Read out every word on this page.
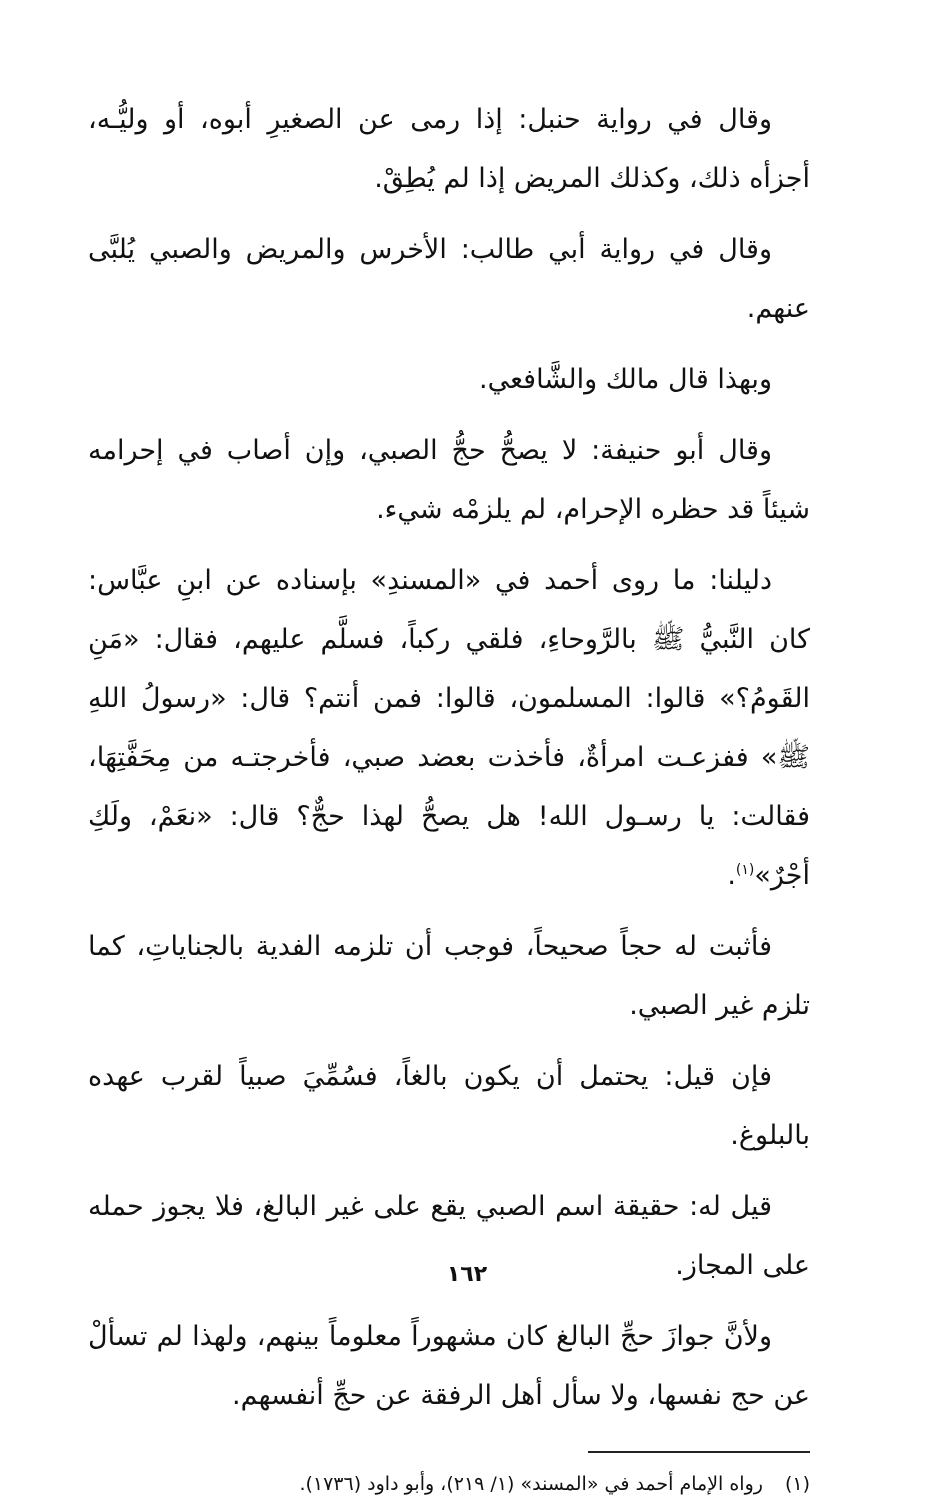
وقال في رواية حنبل: إذا رمى عن الصغيرِ أبوه، أو وليُّـه، أجزأه ذلك، وكذلك المريض إذا لم يُطِقْ.

وقال في رواية أبي طالب: الأخرس والمريض والصبي يُلبَّى عنهم.

وبهذا قال مالك والشَّافعي.

وقال أبو حنيفة: لا يصحُّ حجُّ الصبي، وإن أصاب في إحرامه شيئاً قد حظره الإحرام، لم يلزمْه شيء.

دليلنا: ما روى أحمد في «المسندِ» بإسناده عن ابنِ عبَّاس: كان النَّبيُّ ﷺ بالرَّوحاءِ، فلقي ركباً، فسلَّم عليهم، فقال: «مَنِ القَومُ؟» قالوا: المسلمون، قالوا: فمن أنتم؟ قال: «رسولُ اللهِ ﷺ» ففزعـت امرأةٌ، فأخذت بعضد صبي، فأخرجتـه من مِحَفَّتِهَا، فقالت: يا رسـول الله! هل يصحُّ لهذا حجٌّ؟ قال: «نعَمْ، ولَكِ أجْرٌ»$^{(١)}$.

فأثبت له حجاً صحيحاً، فوجب أن تلزمه الفدية بالجناياتِ، كما تلزم غير الصبي.

فإن قيل: يحتمل أن يكون بالغاً، فسُمِّيَ صبياً لقرب عهده بالبلوغ.

قيل له: حقيقة اسم الصبي يقع على غير البالغ، فلا يجوز حمله على المجاز.

ولأنَّ جوازَ حجِّ البالغ كان مشهوراً معلوماً بينهم، ولهذا لم تسألْ عن حج نفسها، ولا سأل أهل الرفقة عن حجِّ أنفسهم.

(١)رواه الإمام أحمد في «المسند» (١/ ٢١٩)، وأبو داود (١٧٣٦).
١٦٢
